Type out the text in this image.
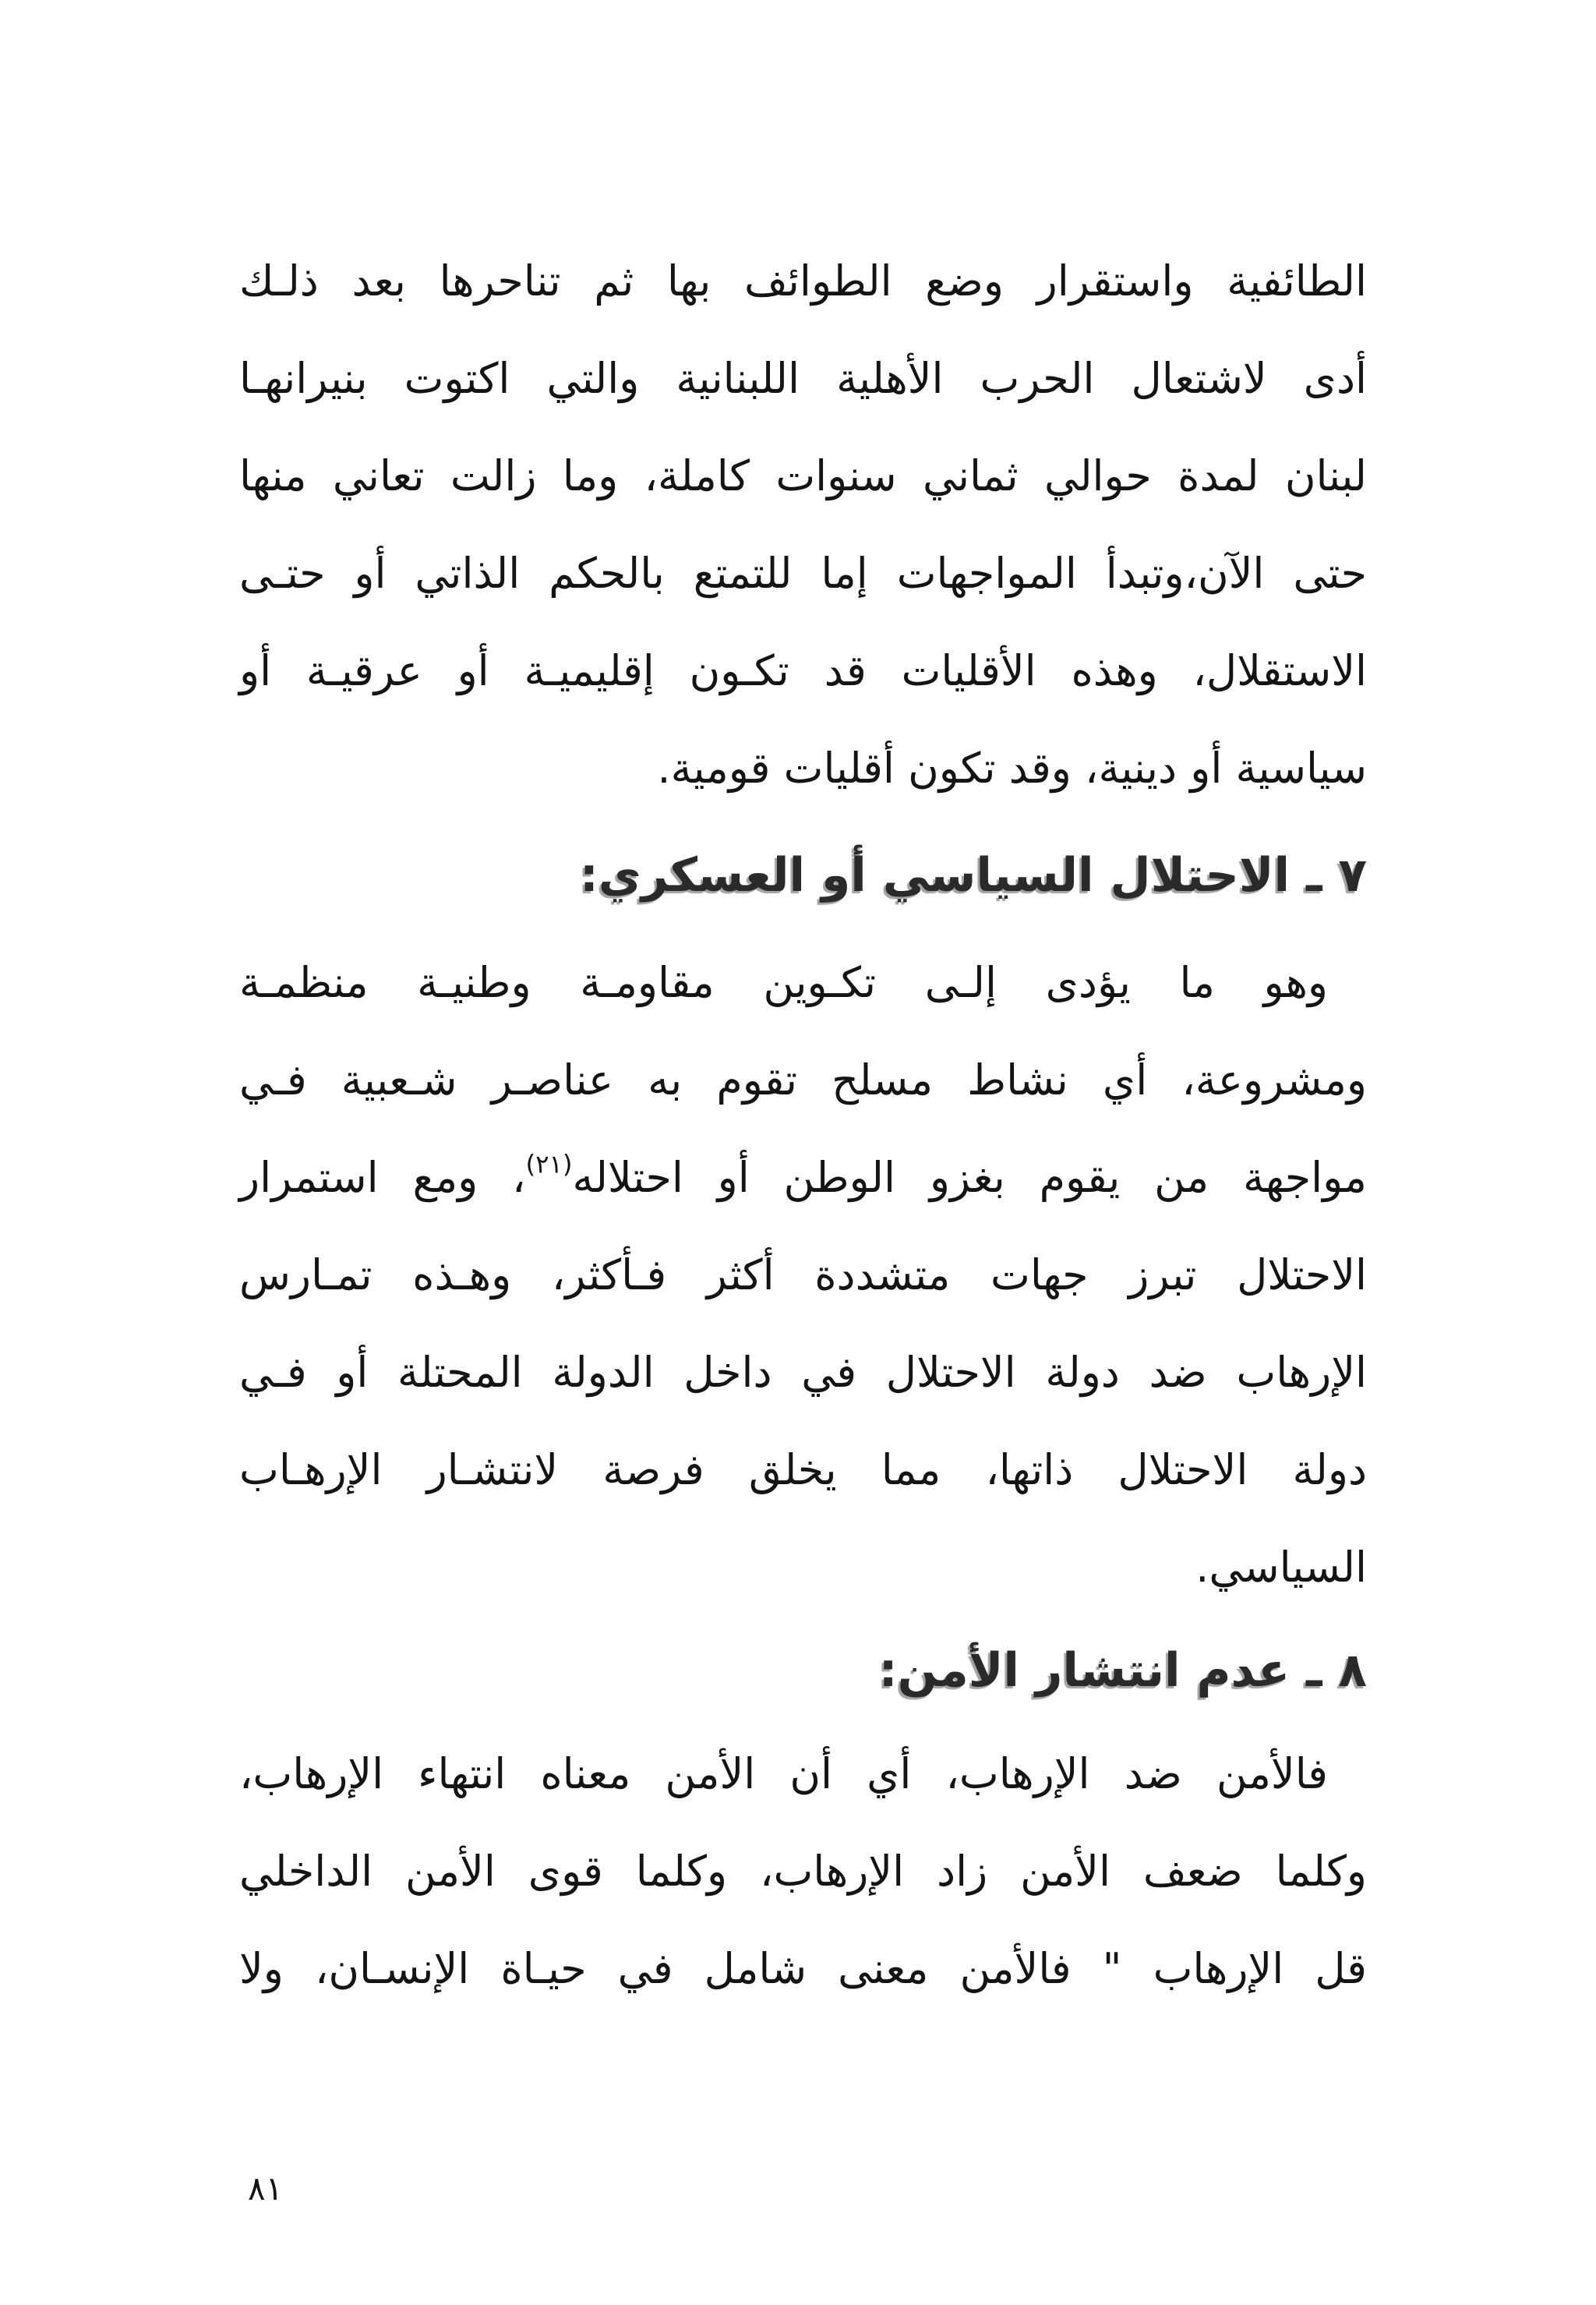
الطائفية واستقرار وضع الطوائف بها ثم تناحرها بعد ذلـك
أدى لاشتعال الحرب الأهلية اللبنانية والتي اكتوت بنيرانهـا
لبنان لمدة حوالي ثماني سنوات كاملة، وما زالت تعاني منها
حتى الآن،وتبدأ المواجهات إما للتمتع بالحكم الذاتي أو حتـى
الاستقلال، وهذه الأقليات قد تكـون إقليميـة أو عرقيـة أو
سياسية أو دينية، وقد تكون أقليات قومية.
٧ ـ الاحتلال السياسي أو العسكري:
وهو ما يؤدى إلـى تكـوين مقاومـة وطنيـة منظمـة
ومشروعة، أي نشاط مسلح تقوم به عناصـر شـعبية فـي
مواجهة من يقوم بغزو الوطن أو احتلاله$^{(٢١)}$، ومع استمرار
الاحتلال تبرز جهات متشددة أكثر فـأكثر، وهـذه تمـارس
الإرهاب ضد دولة الاحتلال في داخل الدولة المحتلة أو فـي
دولة الاحتلال ذاتها، مما يخلق فرصة لانتشـار الإرهـاب
السياسي.
٨ ـ عدم انتشار الأمن:
فالأمن ضد الإرهاب، أي أن الأمن معناه انتهاء الإرهاب،
وكلما ضعف الأمن زاد الإرهاب، وكلما قوى الأمن الداخلي
قل الإرهاب " فالأمن معنى شامل في حيـاة الإنسـان، ولا
٨١
